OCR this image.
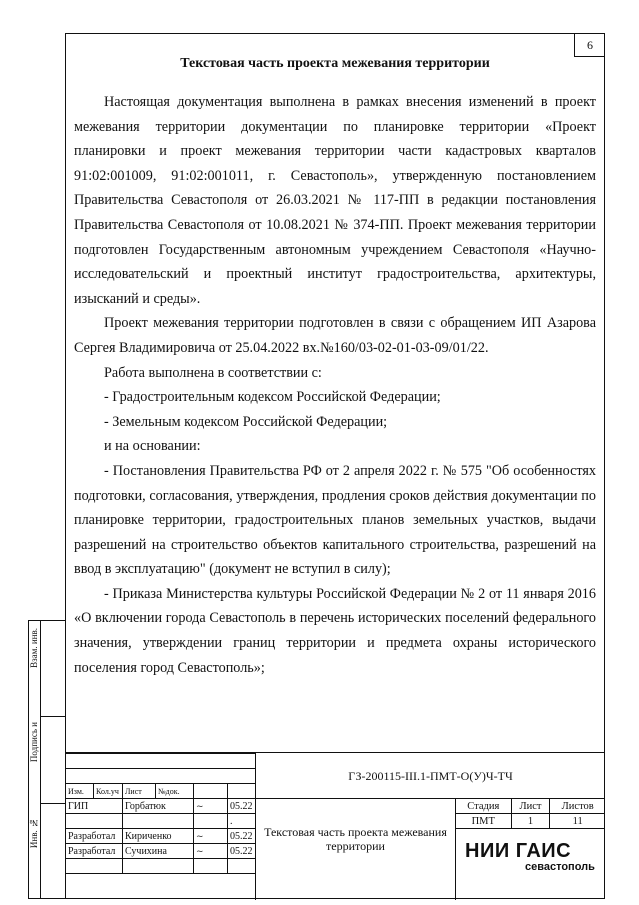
6
Текстовая часть проекта межевания территории

Настоящая документация выполнена в рамках внесения изменений в проект межевания территории документации по планировке территории «Проект планировки и проект межевания территории части кадастровых кварталов 91:02:001009, 91:02:001011, г. Севастополь», утвержденную постановлением Правительства Севастополя от 26.03.2021 № 117-ПП в редакции постановления Правительства Севастополя от 10.08.2021 № 374-ПП. Проект межевания территории подготовлен Государственным автономным учреждением Севастополя «Научно-исследовательский и проектный институт градостроительства, архитектуры, изысканий и среды».

Проект межевания территории подготовлен в связи с обращением ИП Азарова Сергея Владимировича от 25.04.2022 вх.№160/03-02-01-03-09/01/22.

Работа выполнена в соответствии с:

- Градостроительным кодексом Российской Федерации;

- Земельным кодексом Российской Федерации;

и на основании:

- Постановления Правительства РФ от 2 апреля 2022 г. № 575 "Об особенностях подготовки, согласования, утверждения, продления сроков действия документации по планировке территории, градостроительных планов земельных участков, выдачи разрешений на строительство объектов капитального строительства, разрешений на ввод в эксплуатацию" (документ не вступил в силу);

- Приказа Министерства культуры Российской Федерации № 2 от 11 января 2016 «О включении города Севастополь в перечень исторических поселений федерального значения, утверждении границ территории и предмета охраны исторического поселения город Севастополь»;

Взам. инв.
Подпись и
Инв. №

Изм.	Кол.уч	Лист	№док.		
ГИП		Горбатюк		~	05.22
					.
Разработал		Кириченко		~	05.22
Разработал		Сучихина		~	05.22

ГЗ-200115-III.1-ПМТ-О(У)Ч-ТЧ
Текстовая часть проекта межевания территории
Стадия	Лист	Листов
ПМТ	1	11
НИИ ГАИС
севастополь
